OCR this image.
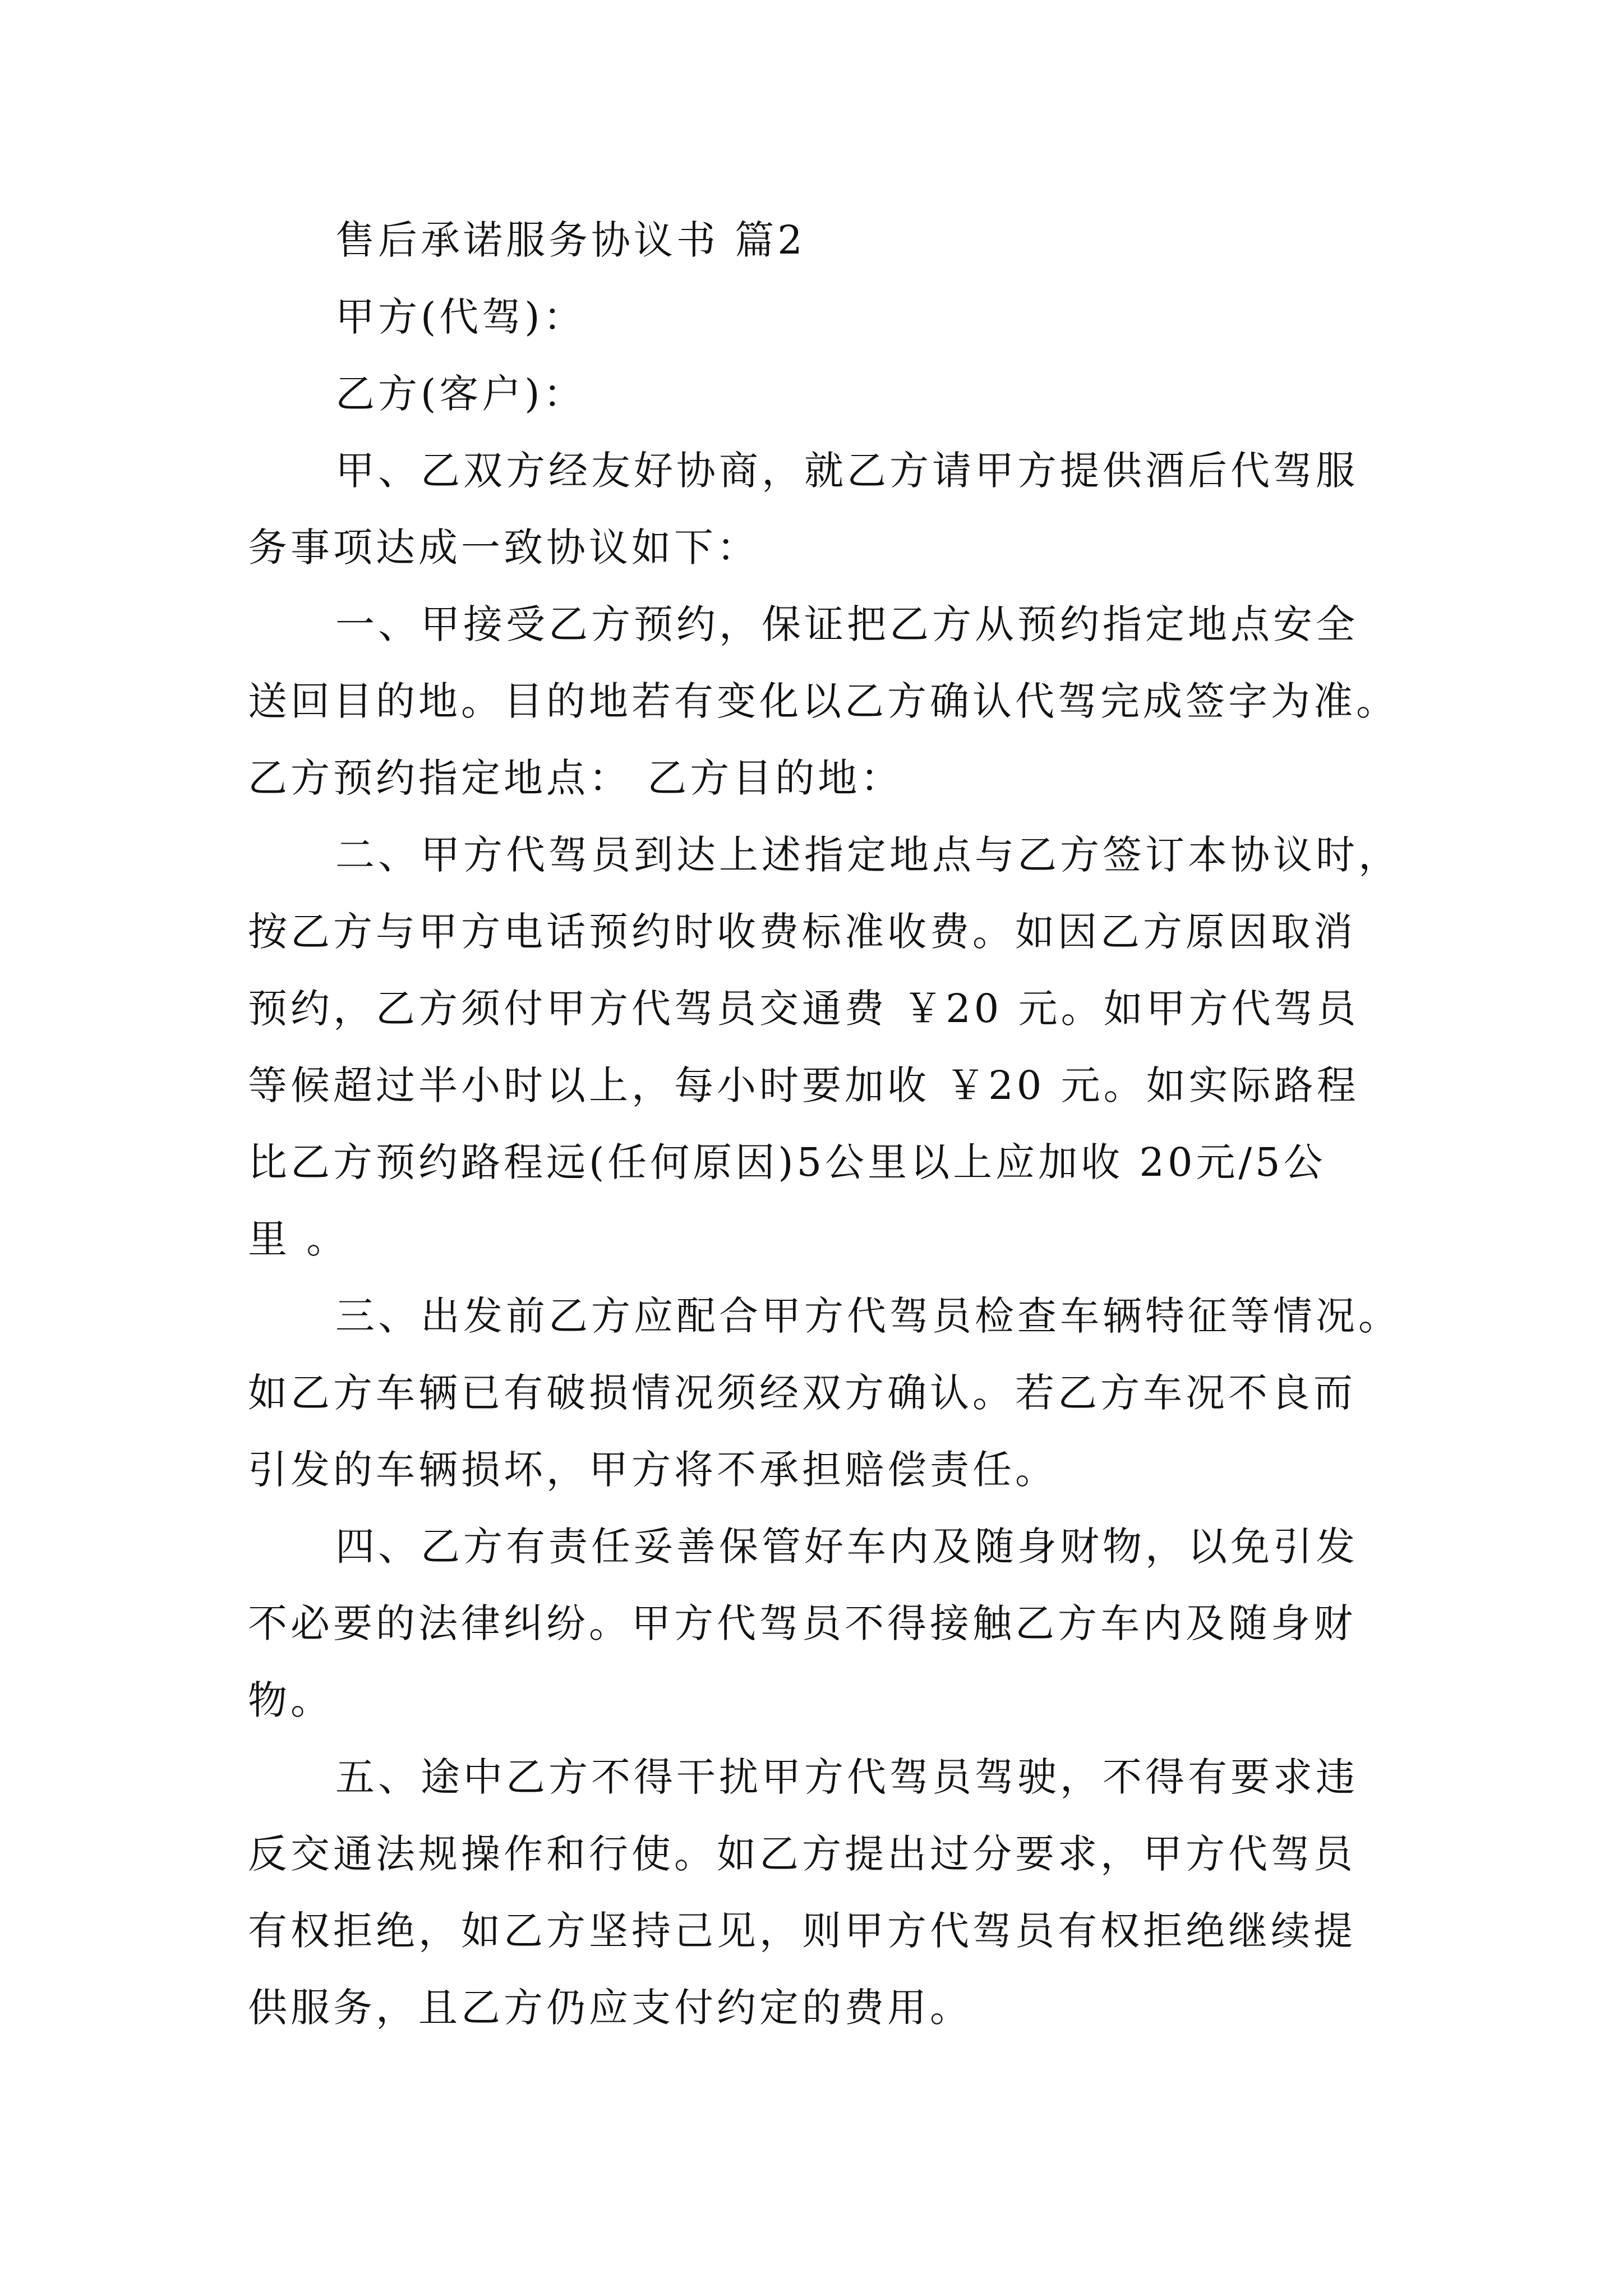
售后承诺服务协议书 篇2

甲方(代驾)：

乙方(客户)：

甲、乙双方经友好协商，就乙方请甲方提供酒后代驾服
务事项达成一致协议如下：

一、甲接受乙方预约，保证把乙方从预约指定地点安全
送回目的地。目的地若有变化以乙方确认代驾完成签字为准。
乙方预约指定地点： 乙方目的地：

二、甲方代驾员到达上述指定地点与乙方签订本协议时，
按乙方与甲方电话预约时收费标准收费。如因乙方原因取消
预约，乙方须付甲方代驾员交通费 ￥20 元。如甲方代驾员
等候超过半小时以上，每小时要加收 ￥20 元。如实际路程
比乙方预约路程远(任何原因)5公里以上应加收 20元/5公
里 。

三、出发前乙方应配合甲方代驾员检查车辆特征等情况。
如乙方车辆已有破损情况须经双方确认。若乙方车况不良而
引发的车辆损坏，甲方将不承担赔偿责任。

四、乙方有责任妥善保管好车内及随身财物，以免引发
不必要的法律纠纷。甲方代驾员不得接触乙方车内及随身财
物。

五、途中乙方不得干扰甲方代驾员驾驶，不得有要求违
反交通法规操作和行使。如乙方提出过分要求，甲方代驾员
有权拒绝，如乙方坚持己见，则甲方代驾员有权拒绝继续提
供服务，且乙方仍应支付约定的费用。
